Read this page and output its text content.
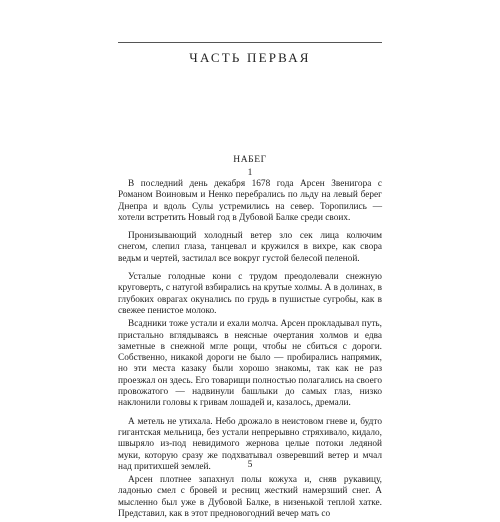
ЧАСТЬ ПЕРВАЯ
НАБЕГ
1

В последний день декабря 1678 года Арсен Звенигора с Романом Воиновым и Ненко перебрались по льду на левый берег Днепра и вдоль Сулы устремились на север. Торопились — хотели встретить Новый год в Дубовой Балке среди своих.

Пронизывающий холодный ветер зло сек лица колючим снегом, слепил глаза, танцевал и кружился в вихре, как свора ведьм и чертей, застилал все вокруг густой белесой пеленой.

Усталые голодные кони с трудом преодолевали снежную круговерть, с натугой взбирались на крутые холмы. А в долинах, в глубоких оврагах окунались по грудь в пушистые сугробы, как в свежее пенистое молоко.

Всадники тоже устали и ехали молча. Арсен прокладывал путь, пристально вглядываясь в неясные очертания холмов и едва заметные в снежной мгле рощи, чтобы не сбиться с дороги. Собственно, никакой дороги не было — пробирались напрямик, но эти места казаку были хорошо знакомы, так как не раз проезжал он здесь. Его товарищи полностью полагались на своего провожатого — надвинули башлыки до самых глаз, низко наклонили головы к гривам лошадей и, казалось, дремали.

А метель не утихала. Небо дрожало в неистовом гневе и, будто гигантская мельница, без устали непрерывно стряхивало, кидало, швыряло из-под невидимого жернова целые потоки ледяной муки, которую сразу же подхватывал озверевший ветер и мчал над притихшей землей.

Арсен плотнее запахнул полы кожуха и, сняв рукавицу, ладонью смел с бровей и ресниц жесткий намерзший снег. А мысленно был уже в Дубовой Балке, в низенькой теплой хатке. Представил, как в этот предновогодний вечер мать со

5
